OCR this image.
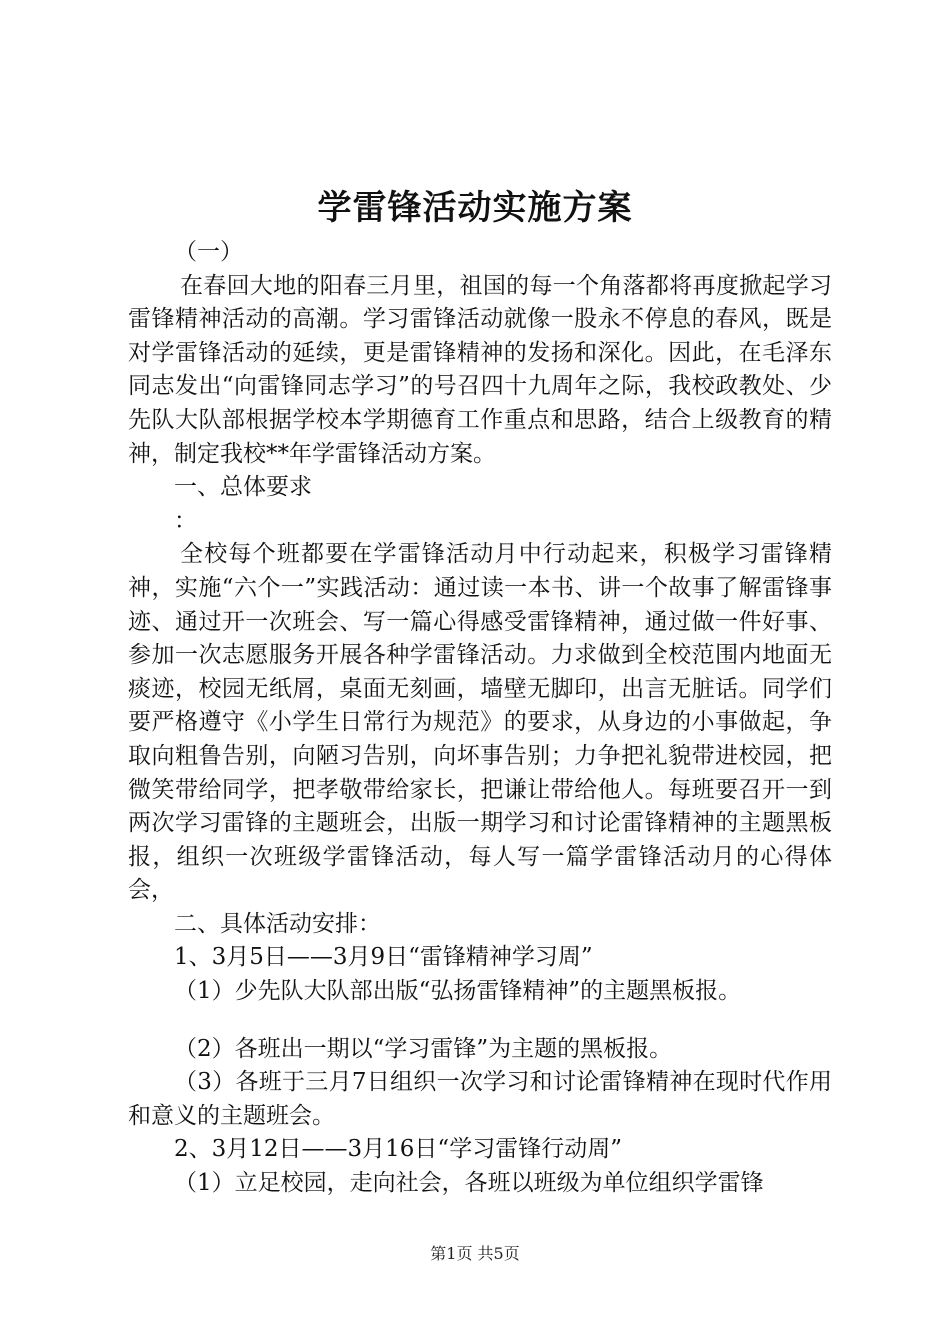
学雷锋活动实施方案

（一）

在春回大地的阳春三月里，祖国的每一个角落都将再度掀起学习雷锋精神活动的高潮。学习雷锋活动就像一股永不停息的春风，既是对学雷锋活动的延续，更是雷锋精神的发扬和深化。因此，在毛泽东同志发出“向雷锋同志学习”的号召四十九周年之际，我校政教处、少先队大队部根据学校本学期德育工作重点和思路，结合上级教育的精神，制定我校**年学雷锋活动方案。

一、总体要求

：

全校每个班都要在学雷锋活动月中行动起来，积极学习雷锋精神，实施“六个一”实践活动：通过读一本书、讲一个故事了解雷锋事迹、通过开一次班会、写一篇心得感受雷锋精神，通过做一件好事、参加一次志愿服务开展各种学雷锋活动。力求做到全校范围内地面无痰迹，校园无纸屑，桌面无刻画，墙壁无脚印，出言无脏话。同学们要严格遵守《小学生日常行为规范》的要求，从身边的小事做起，争取向粗鲁告别，向陋习告别，向坏事告别；力争把礼貌带进校园，把微笑带给同学，把孝敬带给家长，把谦让带给他人。每班要召开一到两次学习雷锋的主题班会，出版一期学习和讨论雷锋精神的主题黑板报，组织一次班级学雷锋活动，每人写一篇学雷锋活动月的心得体会，

二、具体活动安排：

1、3月5日——3月9日“雷锋精神学习周”

（1）少先队大队部出版“弘扬雷锋精神”的主题黑板报。

（2）各班出一期以“学习雷锋”为主题的黑板报。

（3）各班于三月7日组织一次学习和讨论雷锋精神在现时代作用和意义的主题班会。

2、3月12日——3月16日“学习雷锋行动周”

（1）立足校园，走向社会，各班以班级为单位组织学雷锋

第1页 共5页
